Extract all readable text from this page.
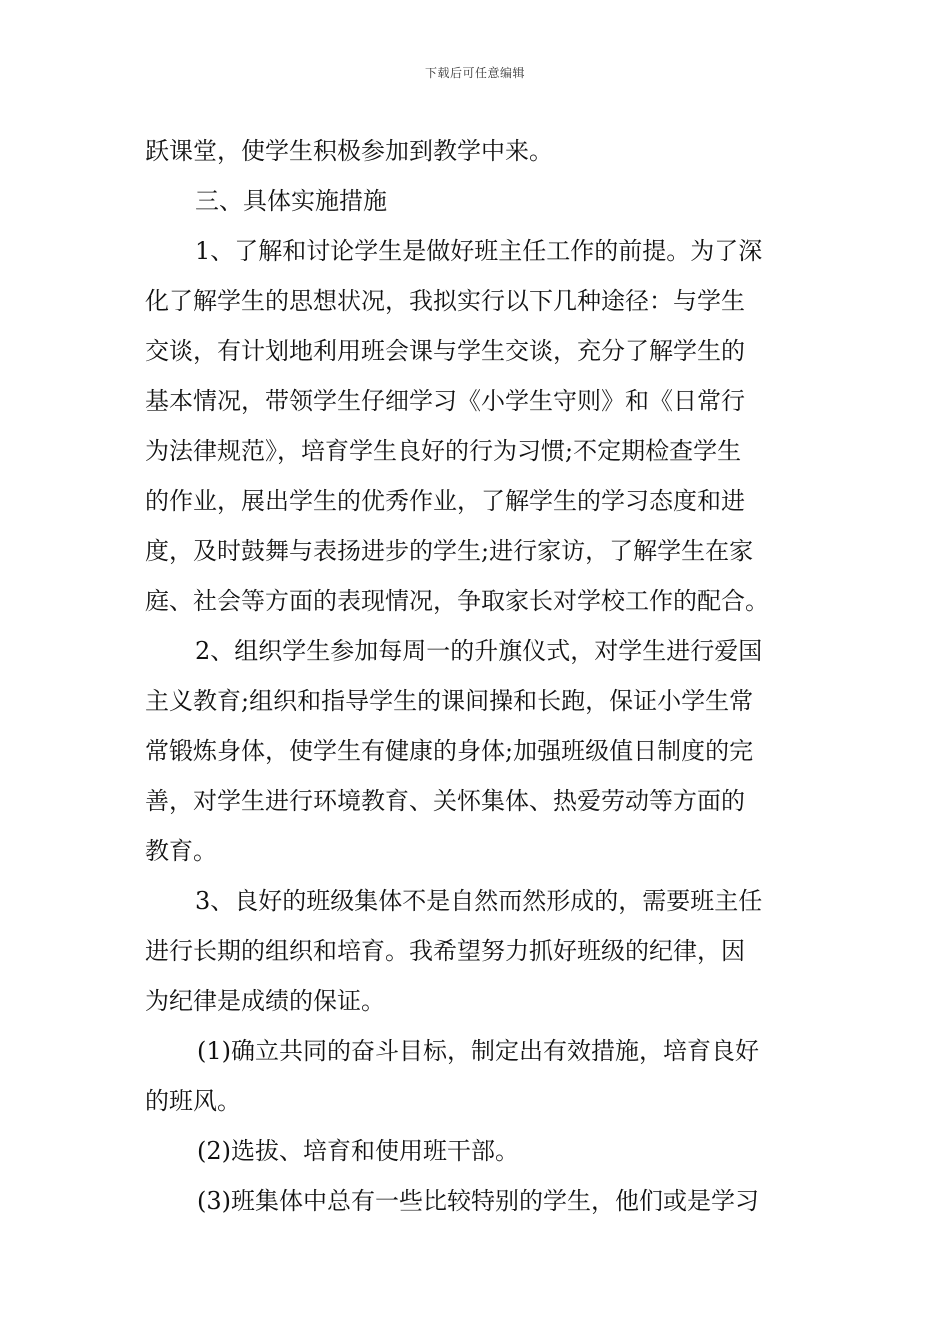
下载后可任意编辑
跃课堂，使学生积极参加到教学中来。
三、具体实施措施
1、了解和讨论学生是做好班主任工作的前提。为了深
化了解学生的思想状况，我拟实行以下几种途径：与学生
交谈，有计划地利用班会课与学生交谈，充分了解学生的
基本情况，带领学生仔细学习《小学生守则》和《日常行
为法律规范》，培育学生良好的行为习惯;不定期检查学生
的作业，展出学生的优秀作业，了解学生的学习态度和进
度，及时鼓舞与表扬进步的学生;进行家访，了解学生在家
庭、社会等方面的表现情况，争取家长对学校工作的配合。
2、组织学生参加每周一的升旗仪式，对学生进行爱国
主义教育;组织和指导学生的课间操和长跑，保证小学生常
常锻炼身体，使学生有健康的身体;加强班级值日制度的完
善，对学生进行环境教育、关怀集体、热爱劳动等方面的
教育。
3、良好的班级集体不是自然而然形成的，需要班主任
进行长期的组织和培育。我希望努力抓好班级的纪律，因
为纪律是成绩的保证。
(1)确立共同的奋斗目标，制定出有效措施，培育良好
的班风。
(2)选拔、培育和使用班干部。
(3)班集体中总有一些比较特别的学生，他们或是学习
